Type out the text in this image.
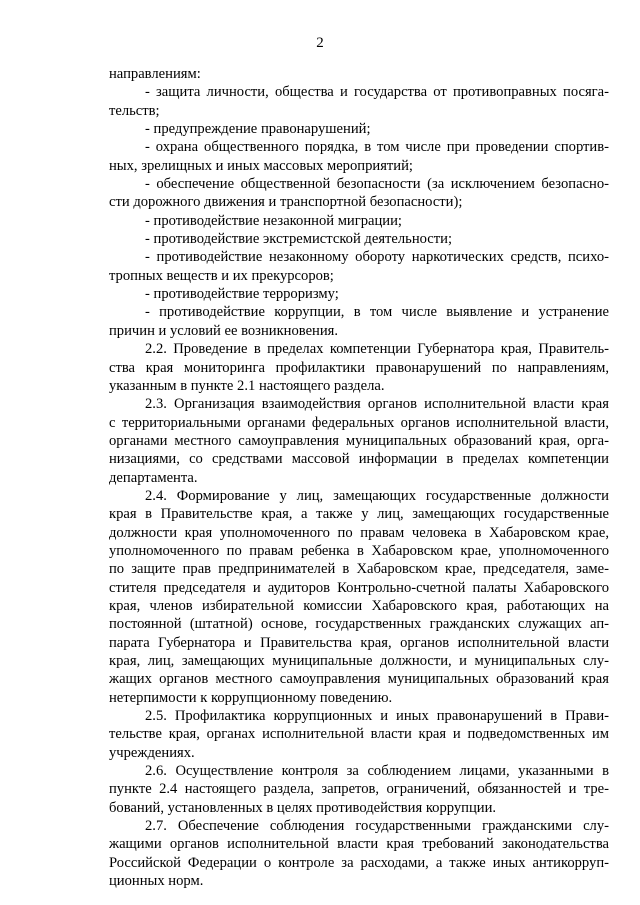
2
направлениям:
- защита личности, общества и государства от противоправных посяга-
тельств;
- предупреждение правонарушений;
- охрана общественного порядка, в том числе при проведении спортив-
ных, зрелищных и иных массовых мероприятий;
- обеспечение общественной безопасности (за исключением безопасно-
сти дорожного движения и транспортной безопасности);
- противодействие незаконной миграции;
- противодействие экстремистской деятельности;
- противодействие незаконному обороту наркотических средств, психо-
тропных веществ и их прекурсоров;
- противодействие терроризму;
- противодействие коррупции, в том числе выявление и устранение
причин и условий ее возникновения.
2.2. Проведение в пределах компетенции Губернатора края, Правитель-
ства края мониторинга профилактики правонарушений по направлениям,
указанным в пункте 2.1 настоящего раздела.
2.3. Организация взаимодействия органов исполнительной власти края
с территориальными органами федеральных органов исполнительной власти,
органами местного самоуправления муниципальных образований края, орга-
низациями, со средствами массовой информации в пределах компетенции
департамента.
2.4. Формирование у лиц, замещающих государственные должности
края в Правительстве края, а также у лиц, замещающих государственные
должности края уполномоченного по правам человека в Хабаровском крае,
уполномоченного по правам ребенка в Хабаровском крае, уполномоченного
по защите прав предпринимателей в Хабаровском крае, председателя, заме-
стителя председателя и аудиторов Контрольно-счетной палаты Хабаровского
края, членов избирательной комиссии Хабаровского края, работающих на
постоянной (штатной) основе, государственных гражданских служащих ап-
парата Губернатора и Правительства края, органов исполнительной власти
края, лиц, замещающих муниципальные должности, и муниципальных слу-
жащих органов местного самоуправления муниципальных образований края
нетерпимости к коррупционному поведению.
2.5. Профилактика коррупционных и иных правонарушений в Прави-
тельстве края, органах исполнительной власти края и подведомственных им
учреждениях.
2.6. Осуществление контроля за соблюдением лицами, указанными в
пункте 2.4 настоящего раздела, запретов, ограничений, обязанностей и тре-
бований, установленных в целях противодействия коррупции.
2.7. Обеспечение соблюдения государственными гражданскими слу-
жащими органов исполнительной власти края требований законодательства
Российской Федерации о контроле за расходами, а также иных антикорруп-
ционных норм.
